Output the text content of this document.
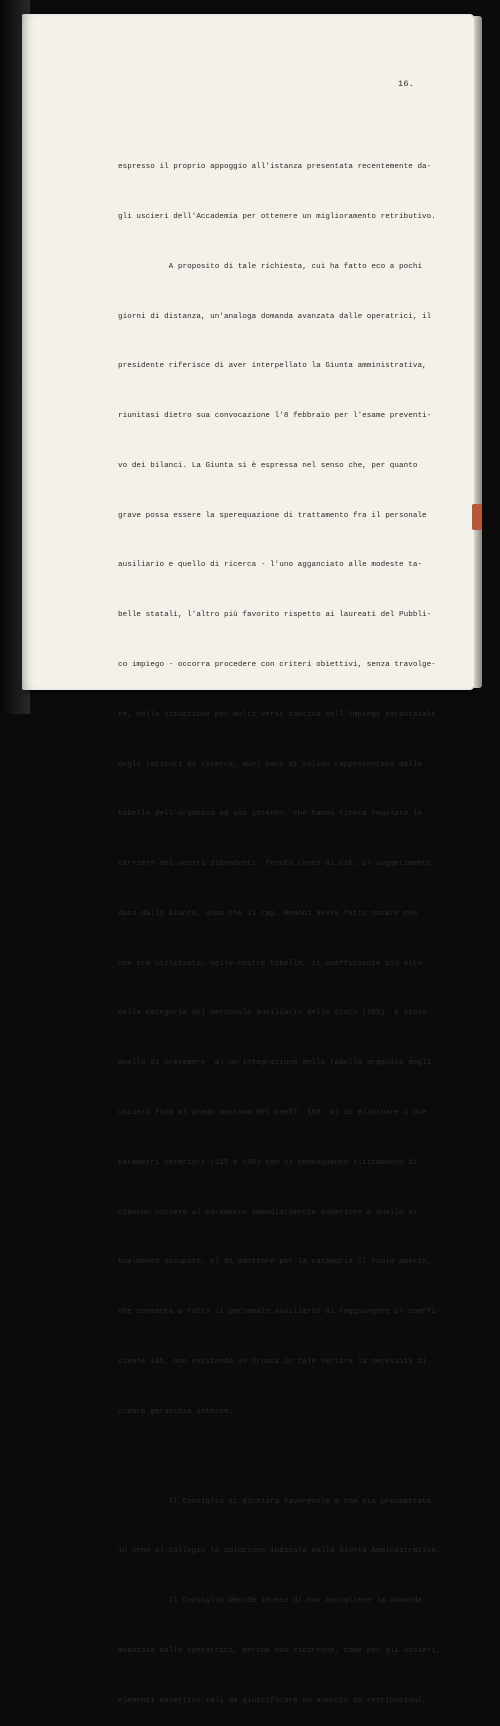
16.

espresso il proprio appoggio all'istanza presentata recentemente da-

gli uscieri dell'Accademia per ottenere un miglioramento retributivo.

A proposito di tale richiesta, cui ha fatto eco a pochi

giorni di distanza, un'analoga domanda avanzata dalle operatrici, il

presidente riferisce di aver interpellato la Giunta amministrativa,

riunitasi dietro sua convocazione l'8 febbraio per l'esame preventi-

vo dei bilanci. La Giunta si è espressa nel senso che, per quanto

grave possa essere la sperequazione di trattamento fra il personale

ausiliario e quello di ricerca - l'uno agganciato alle modeste ta-

belle statali, l'altro più favorito rispetto ai laureati del Pubbli-

co impiego - occorra procedere con criteri obiettivi, senza travolge-

re, nella situazione per molti versi caotica dell'impiego parastatale

degli istituti di ricerca, quel poco di solido rappresentato dalle

tabelle dell'organico ad uso interno, che hanno finora regolato le

carriere dei nostri dipendenti. Tenuto conto di ciò, il suggerimento

dato dalla Giunta, dopo che il rag. Bedoni aveva fatto notare che

non era utilizzato, nelle nostre tabelle, il coefficiente più alto

della categoria del personale ausiliario dello Stato (165), è stato

quello di prevedere  a) un'integrazione della tabella organica degli

uscieri fino al grado massimo del coeff. 165, b) di eliminare i due

parametri inferiori (115 e 120) con il conseguente slittamento di

ciascun usciere al parametro immediatamente superiore a quello at-

tualmente occupato, c) di adottare per la categoria il ruolo aperto,

che consenta a tutto il personale ausiliario di raggiungere il coeffi-

ciente 165, non esistendo in Crusca in tale settore la necessità di

creare gerarchie interne.

Il Consiglio si dichiara favorevole a che sia prospettata

in seno al Collegio la soluzione indicata dalla Giunta Amministrativa.

Il Consiglio decide invece di non accogliere la domanda

avanzata dalle operatrici, perché non ricorrono, come per gli uscieri,

elementi obiettivi tali da giustificare un aumento di retribuzioni,
